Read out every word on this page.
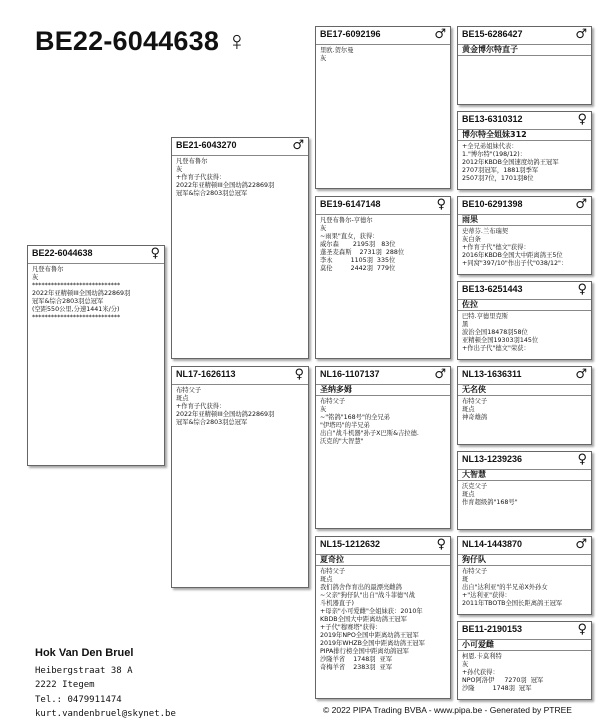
BE22-6044638 ♀
BE22-6044638	♀
凡登布鲁尔
灰
****************************
2022年亚精顿III全国幼鸽22869羽
冠军&综合2803羽总冠军
(空距550公里,分速1441米/分)
****************************
BE21-6043270	♂
凡登布鲁尔
灰
+作育子代获得：
2022年亚精顿III全国幼鸽22869羽
冠军&综合2803羽总冠军
NL17-1626113	♀
布特父子
斑点
+作育子代获得：
2022年亚精顿III全国幼鸽22869羽
冠军&综合2803羽总冠军
BE17-6092196	♂
里欧.贺尔曼
灰
BE19-6147148	♀
凡登布鲁尔-亨德尔
灰
~雨果"直女，获得：
威尔森       2195羽   83位
蓬圣麦森斯    2731羽  288位
李永         1105羽  335位
莫伦         2442羽  779位
NL16-1107137	♂
圣纳多姆
布特父子
灰
~"铭鸽"168号"的全兄弟
"伊塔玛"的半兄弟
出自"战斗机器"孙子X巴斯&吉拉德.
沃克的"大智慧"
NL15-1212632	♀
夏奇拉
布特父子
斑点
我们鸽舍作育出的最漂亮雌鸽
~父亲"狗仔队"出自"战斗菲德"(战
斗机器直子)
+母亲"小可爱雌"全姐妹获：2010年
KBDB全国大中距离幼鸽王冠军
+子代"穆赛塔"获得：
2019年NPO全国中距离幼鸽王冠军
2019年WHZB全国中距离幼鸽王冠军
PIPA排行榜全国中距离幼鸽冠军
沙隆羊省    1748羽  亚军
奇梅羊省    2383羽  亚军
BE15-6286427	♂
黄金博尔特直子
BE13-6310312	♀
博尔特全姐妹312
+全兄弟姐妹代表：
1."博尔特"(198/12)：
2012年KBDB全国速度幼鸽王冠军
2707羽冠军，1881羽季军
2507羽7位，1701羽8位
BE10-6291398	♂
雨果
史蒂芬.兰布瑞契
灰白条
+作育子代"德文"获得：
2016年KBDB全国大中距离鸽王5位
+同窝"397/10"作出子代"038/12"：
BE13-6251443	♀
佐拉
巴特.亨德里克斯
黑
波治全国18478羽58位
亚精顿全国19303羽145位
+作出子代"德文"荣获：
NL13-1636311	♂
无名侠
布特父子
斑点
神奇雄鸽
NL13-1239236	♀
大智慧
沃克父子
斑点
作育超级鸽"168号"
NL14-1443870	♂
狗仔队
布特父子
斑
出自"达利亚"的半兄弟X外孙女
+"达利亚"获得：
2011年TBOTB全国长距离鸽王冠军
BE11-2190153	♀
小可爱雌
柯恩.卡莫利特
灰
+孙代获得：
NPO阿洛伊     7270羽  冠军
沙隆         1748羽  冠军
Hok Van Den Bruel
Heibergstraat 38 A
2222 Itegem
Tel.: 0479911474
kurt.vandenbruel@skynet.be	© 2022 PIPA Trading BVBA - www.pipa.be - Generated by PTREE
